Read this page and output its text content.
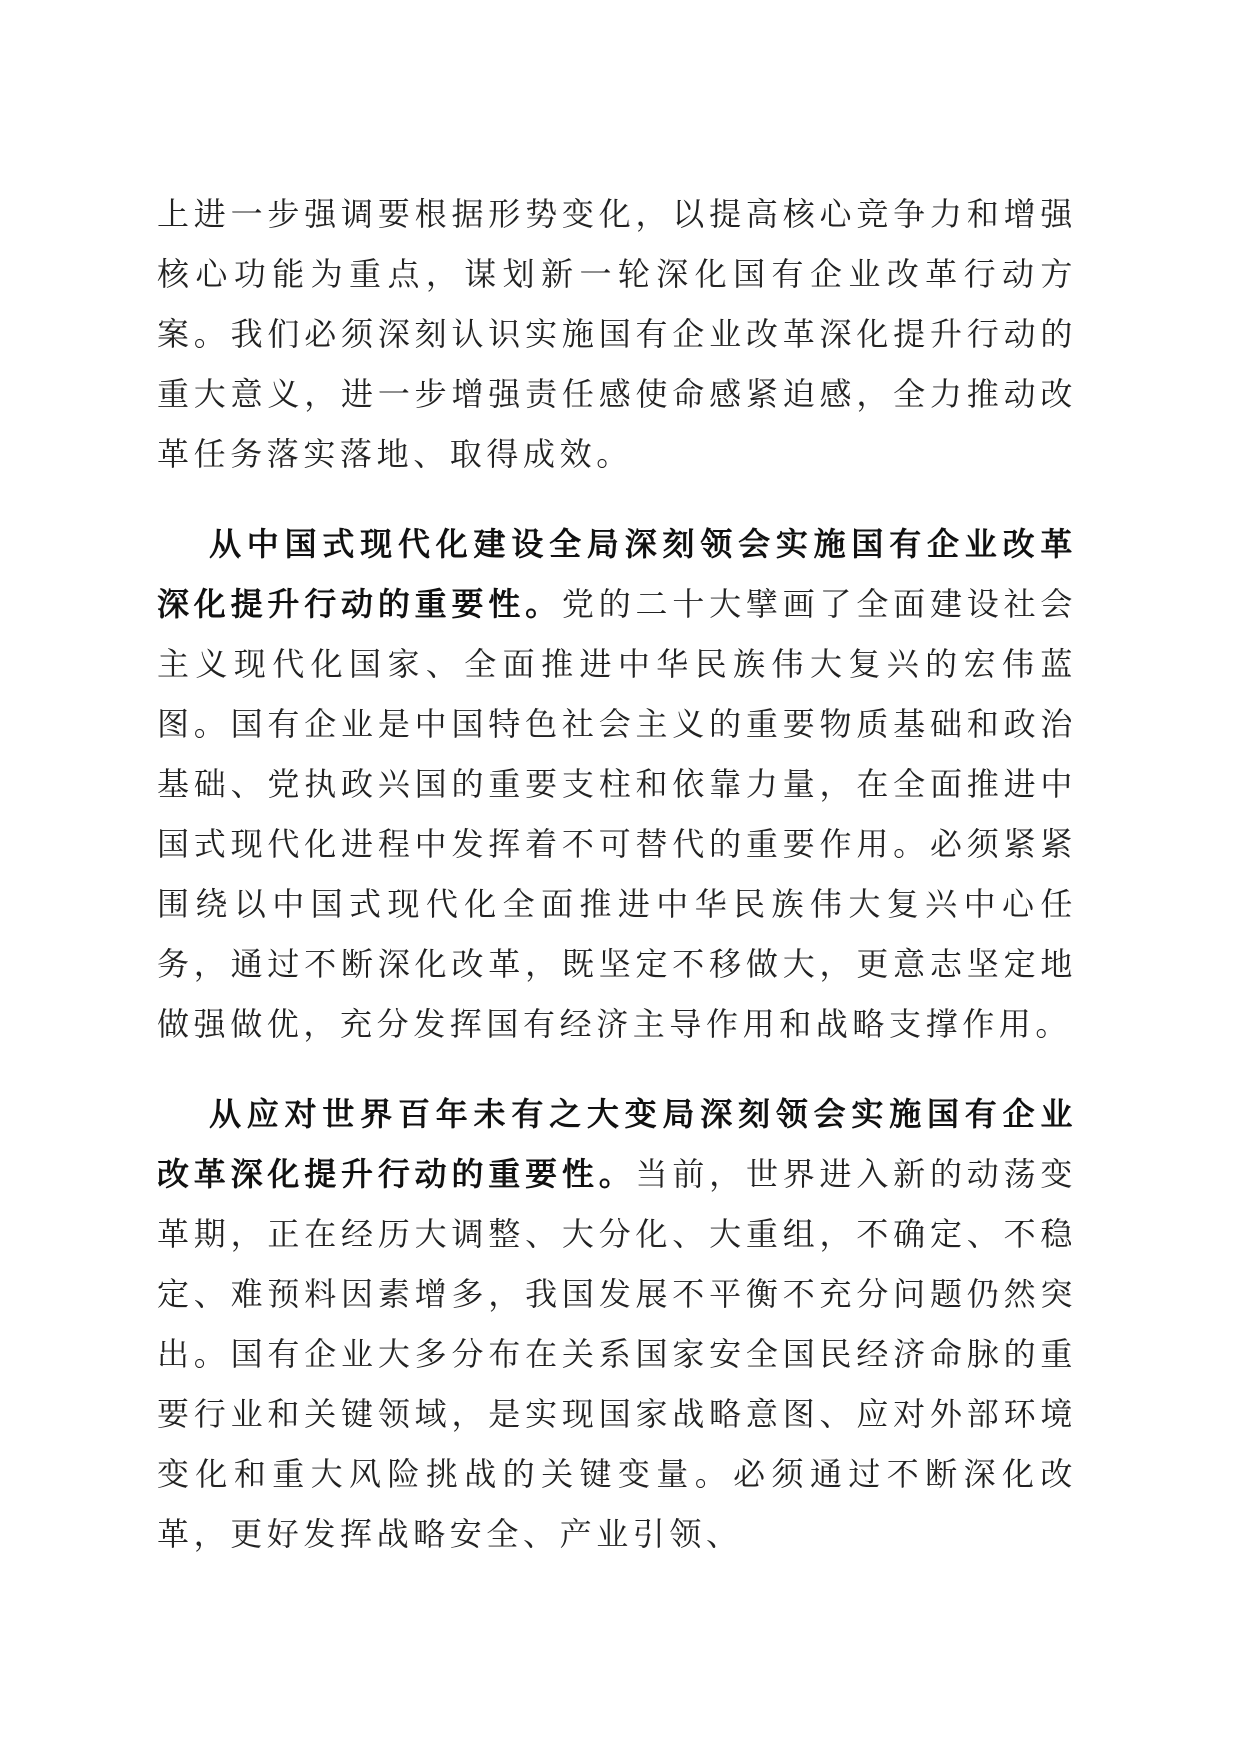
上进一步强调要根据形势变化，以提高核心竞争力和增强核心功能为重点，谋划新一轮深化国有企业改革行动方案。我们必须深刻认识实施国有企业改革深化提升行动的重大意义，进一步增强责任感使命感紧迫感，全力推动改革任务落实落地、取得成效。

从中国式现代化建设全局深刻领会实施国有企业改革深化提升行动的重要性。党的二十大擘画了全面建设社会主义现代化国家、全面推进中华民族伟大复兴的宏伟蓝图。国有企业是中国特色社会主义的重要物质基础和政治基础、党执政兴国的重要支柱和依靠力量，在全面推进中国式现代化进程中发挥着不可替代的重要作用。必须紧紧围绕以中国式现代化全面推进中华民族伟大复兴中心任务，通过不断深化改革，既坚定不移做大，更意志坚定地做强做优，充分发挥国有经济主导作用和战略支撑作用。

从应对世界百年未有之大变局深刻领会实施国有企业改革深化提升行动的重要性。当前，世界进入新的动荡变革期，正在经历大调整、大分化、大重组，不确定、不稳定、难预料因素增多，我国发展不平衡不充分问题仍然突出。国有企业大多分布在关系国家安全国民经济命脉的重要行业和关键领域，是实现国家战略意图、应对外部环境变化和重大风险挑战的关键变量。必须通过不断深化改革，更好发挥战略安全、产业引领、
